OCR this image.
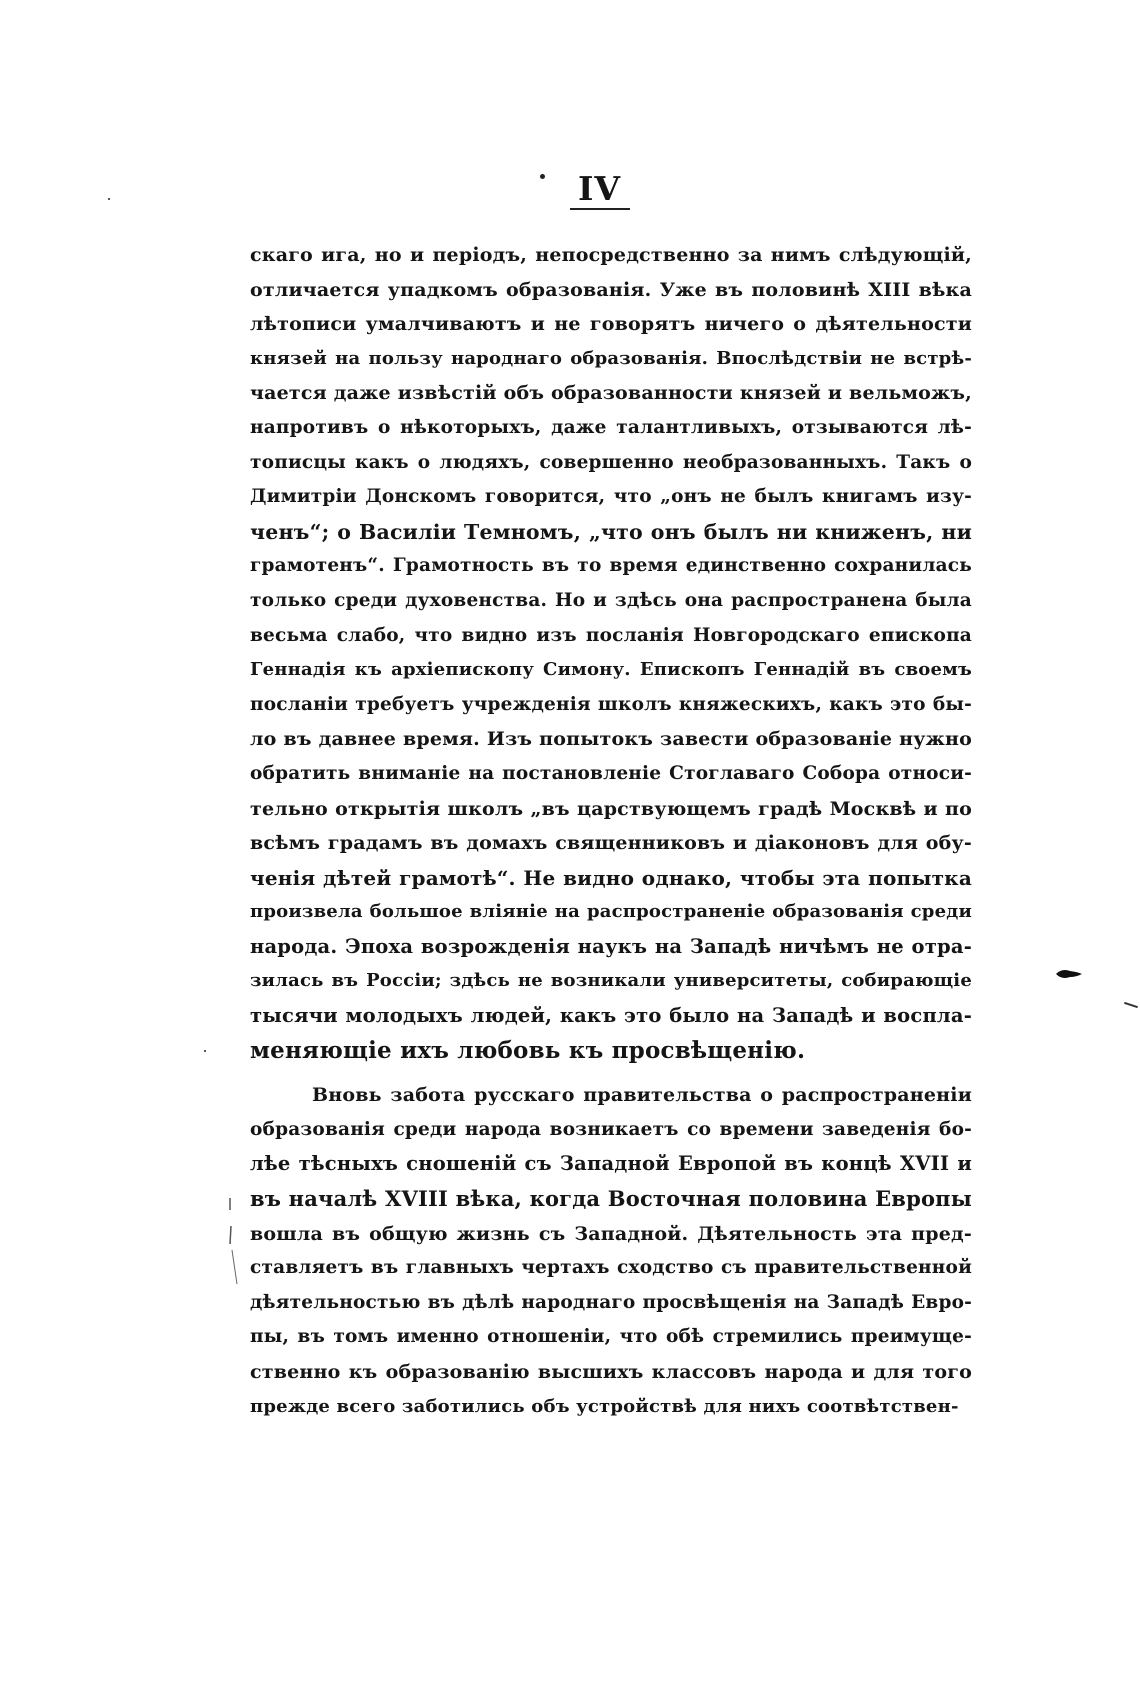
IV
скаго ига, но и періодъ, непосредственно за нимъ слѣдующій,
отличается упадкомъ образованія. Уже въ половинѣ XIII вѣка
лѣтописи умалчиваютъ и не говорятъ ничего о дѣятельности
князей на пользу народнаго образованія. Впослѣдствіи не встрѣ-
чается даже извѣстій объ образованности князей и вельможъ,
напротивъ о нѣкоторыхъ, даже талантливыхъ, отзываются лѣ-
тописцы какъ о людяхъ, совершенно необразованныхъ. Такъ о
Димитріи Донскомъ говорится, что „онъ не былъ книгамъ изу-
ченъ“; о Василіи Темномъ, „что онъ былъ ни книженъ, ни
грамотенъ“. Грамотность въ то время единственно сохранилась
только среди духовенства. Но и здѣсь она распространена была
весьма слабо, что видно изъ посланія Новгородскаго епископа
Геннадія къ архіепископу Симону. Епископъ Геннадій въ своемъ
посланіи требуетъ учрежденія школъ княжескихъ, какъ это бы-
ло въ давнее время. Изъ попытокъ завести образованіе нужно
обратить вниманіе на постановленіе Стоглаваго Собора относи-
тельно открытія школъ „въ царствующемъ градѣ Москвѣ и по
всѣмъ градамъ въ домахъ священниковъ и діаконовъ для обу-
ченія дѣтей грамотѣ“. Не видно однако, чтобы эта попытка
произвела большое вліяніе на распространеніе образованія среди
народа. Эпоха возрожденія наукъ на Западѣ ничѣмъ не отра-
зилась въ Россіи; здѣсь не возникали университеты, собирающіе
тысячи молодыхъ людей, какъ это было на Западѣ и воспла-
меняющіе ихъ любовь къ просвѣщенію.
Вновь забота русскаго правительства о распространеніи
образованія среди народа возникаетъ со времени заведенія бо-
лѣе тѣсныхъ сношеній съ Западной Европой въ концѣ XVII и
въ началѣ XVIII вѣка, когда Восточная половина Европы
вошла въ общую жизнь съ Западной. Дѣятельность эта пред-
ставляетъ въ главныхъ чертахъ сходство съ правительственной
дѣятельностью въ дѣлѣ народнаго просвѣщенія на Западѣ Евро-
пы, въ томъ именно отношеніи, что обѣ стремились преимуще-
ственно къ образованію высшихъ классовъ народа и для того
прежде всего заботились объ устройствѣ для нихъ соотвѣтствен-
